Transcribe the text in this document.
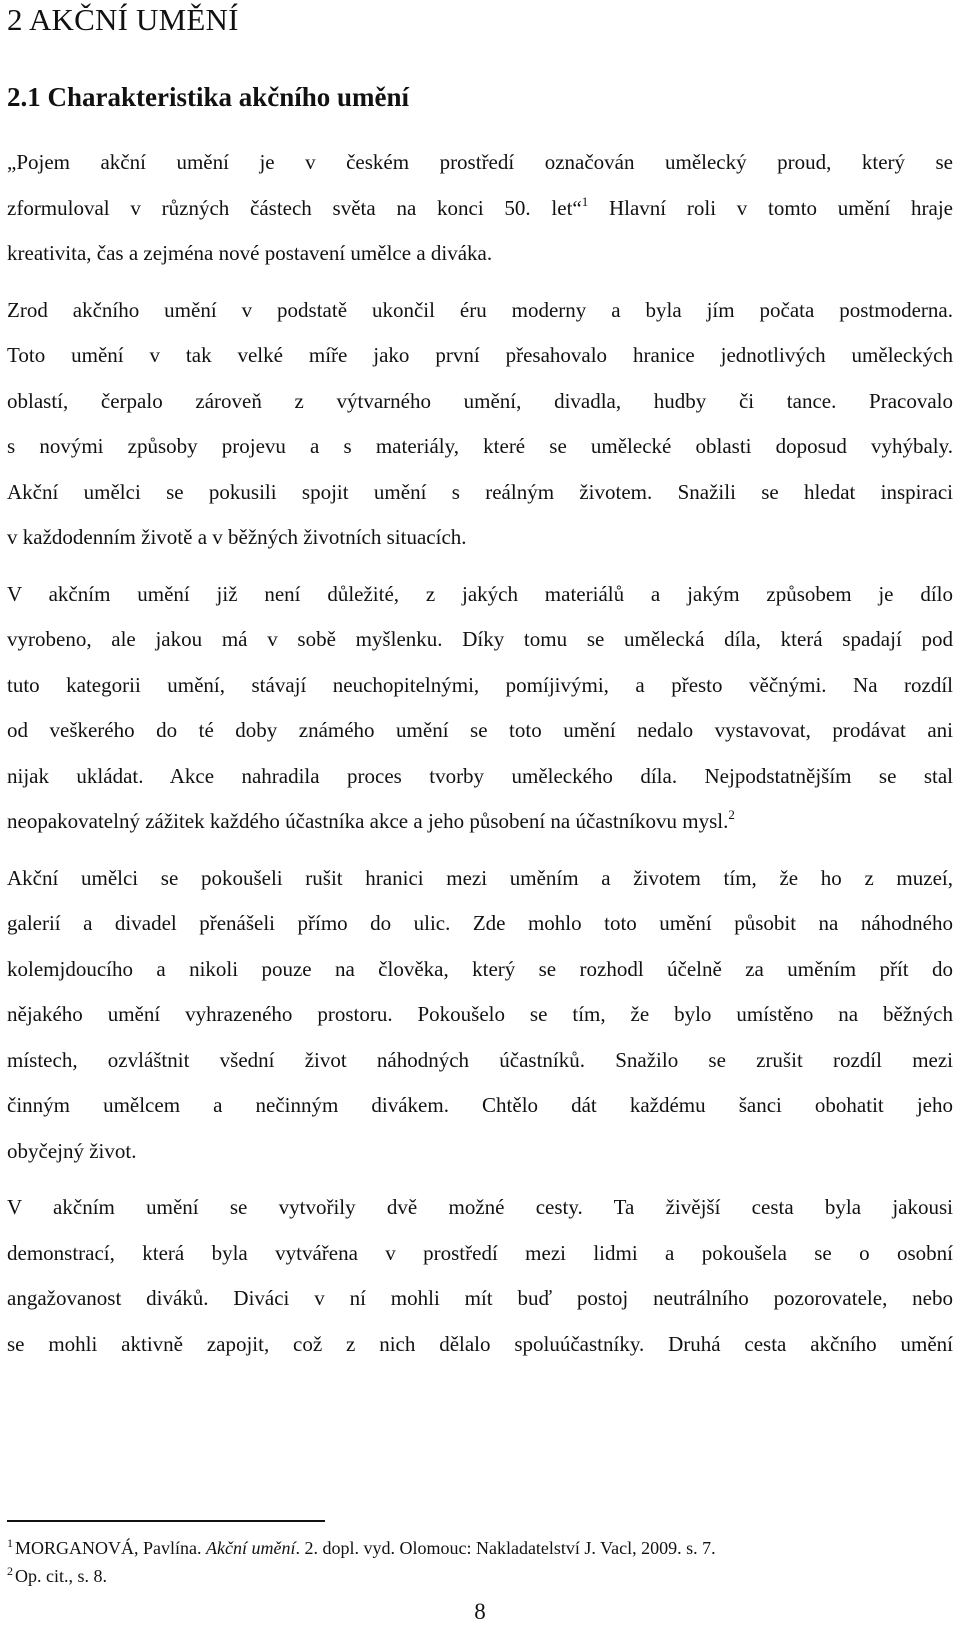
2 AKČNÍ UMĚNÍ
2.1 Charakteristika akčního umění
„Pojem akční umění je v českém prostředí označován umělecký proud, který se
zformuloval v různých částech světa na konci 50. let“$^1$ Hlavní roli v tomto umění hraje
kreativita, čas a zejména nové postavení umělce a diváka.
Zrod akčního umění v podstatě ukončil éru moderny a byla jím počata postmoderna.
Toto umění v tak velké míře jako první přesahovalo hranice jednotlivých uměleckých
oblastí, čerpalo zároveň z výtvarného umění, divadla, hudby či tance. Pracovalo
s novými způsoby projevu a s materiály, které se umělecké oblasti doposud vyhýbaly.
Akční umělci se pokusili spojit umění s reálným životem. Snažili se hledat inspiraci
v každodenním životě a v běžných životních situacích.
V akčním umění již není důležité, z jakých materiálů a jakým způsobem je dílo
vyrobeno, ale jakou má v sobě myšlenku. Díky tomu se umělecká díla, která spadají pod
tuto kategorii umění, stávají neuchopitelnými, pomíjivými, a přesto věčnými. Na rozdíl
od veškerého do té doby známého umění se toto umění nedalo vystavovat, prodávat ani
nijak ukládat. Akce nahradila proces tvorby uměleckého díla. Nejpodstatnějším se stal
neopakovatelný zážitek každého účastníka akce a jeho působení na účastníkovu mysl.$^2$
Akční umělci se pokoušeli rušit hranici mezi uměním a životem tím, že ho z muzeí,
galerií a divadel přenášeli přímo do ulic. Zde mohlo toto umění působit na náhodného
kolemjdoucího a nikoli pouze na člověka, který se rozhodl účelně za uměním přít do
nějakého umění vyhrazeného prostoru. Pokoušelo se tím, že bylo umístěno na běžných
místech, ozvláštnit všední život náhodných účastníků. Snažilo se zrušit rozdíl mezi
činným umělcem a nečinným divákem. Chtělo dát každému šanci obohatit jeho
obyčejný život.
V akčním umění se vytvořily dvě možné cesty. Ta živější cesta byla jakousi
demonstrací, která byla vytvářena v prostředí mezi lidmi a pokoušela se o osobní
angažovanost diváků. Diváci v ní mohli mít buď postoj neutrálního pozorovatele, nebo
se mohli aktivně zapojit, což z nich dělalo spoluúčastníky. Druhá cesta akčního umění
$^1$ MORGANOVÁ, Pavlína. Akční umění. 2. dopl. vyd. Olomouc: Nakladatelství J. Vacl, 2009. s. 7.
$^2$ Op. cit., s. 8.
8
